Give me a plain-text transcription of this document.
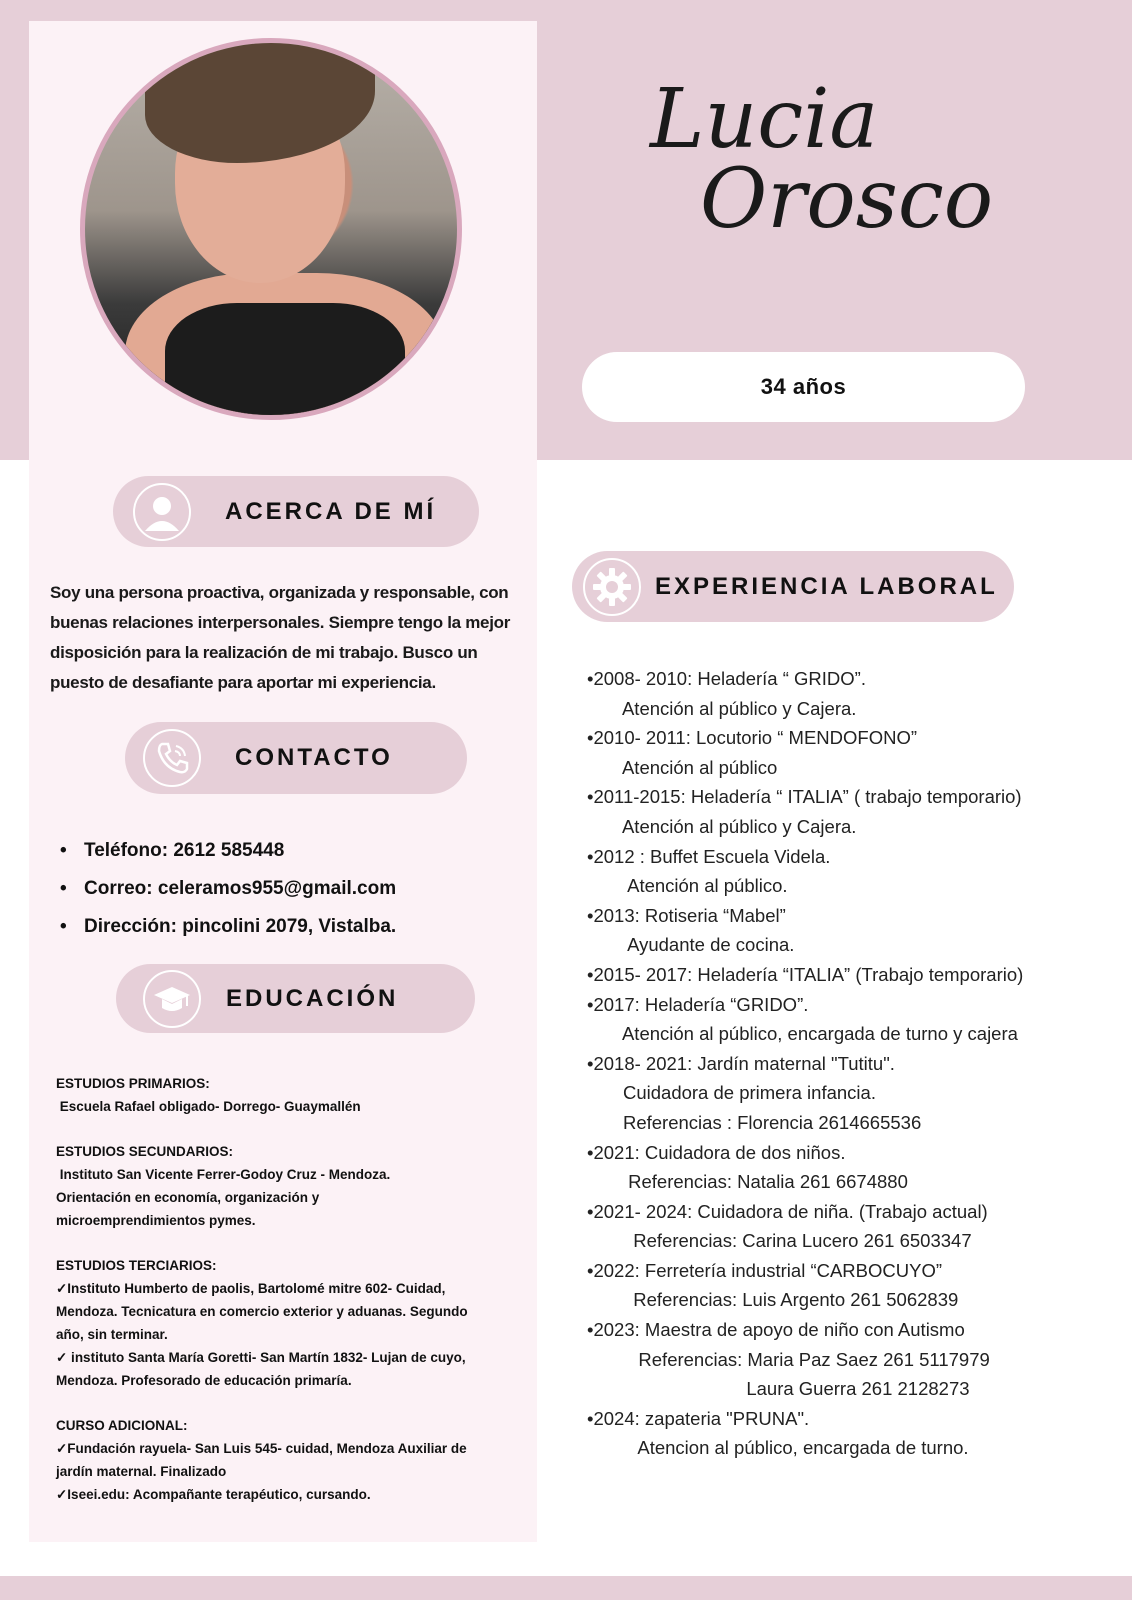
Lucia
Orosco
34 años
ACERCA DE MÍ
Soy una persona proactiva, organizada y responsable, con buenas relaciones interpersonales. Siempre tengo la mejor disposición para la realización de mi trabajo. Busco un puesto de desafiante para aportar mi experiencia.
CONTACTO
• Teléfono: 2612 585448
• Correo: celeramos955@gmail.com
• Dirección: pincolini 2079, Vistalba.
EDUCACIÓN
ESTUDIOS PRIMARIOS:
Escuela Rafael obligado- Dorrego- Guaymallén
ESTUDIOS SECUNDARIOS:
Instituto San Vicente Ferrer-Godoy Cruz - Mendoza.
Orientación en economía, organización y
microemprendimientos pymes.
ESTUDIOS TERCIARIOS:
✓Instituto Humberto de paolis, Bartolomé mitre 602- Cuidad,
Mendoza. Tecnicatura en comercio exterior y aduanas. Segundo
año, sin terminar.
✓ instituto Santa María Goretti- San Martín 1832- Lujan de cuyo,
Mendoza. Profesorado de educación primaría.
CURSO ADICIONAL:
✓Fundación rayuela- San Luis 545- cuidad, Mendoza Auxiliar de
jardín maternal. Finalizado
✓Iseei.edu: Acompañante terapéutico, cursando.
EXPERIENCIA LABORAL
•2008- 2010: Heladería “ GRIDO”.
Atención al público y Cajera.
•2010- 2011: Locutorio “ MENDOFONO”
Atención al público
•2011-2015: Heladería “ ITALIA” ( trabajo temporario)
Atención al público y Cajera.
•2012 : Buffet Escuela Videla.
Atención al público.
•2013: Rotiseria “Mabel”
Ayudante de cocina.
•2015- 2017: Heladería “ITALIA” (Trabajo temporario)
•2017: Heladería “GRIDO”.
Atención al público, encargada de turno y cajera
•2018- 2021: Jardín maternal "Tutitu".
Cuidadora de primera infancia.
Referencias : Florencia 2614665536
•2021: Cuidadora de dos niños.
Referencias: Natalia 261 6674880
•2021- 2024: Cuidadora de niña. (Trabajo actual)
Referencias: Carina Lucero 261 6503347
•2022: Ferretería industrial “CARBOCUYO”
Referencias: Luis Argento 261 5062839
•2023: Maestra de apoyo de niño con Autismo
Referencias: Maria Paz Saez 261 5117979
Laura Guerra 261 2128273
•2024: zapateria "PRUNA".
Atencion al público, encargada de turno.
